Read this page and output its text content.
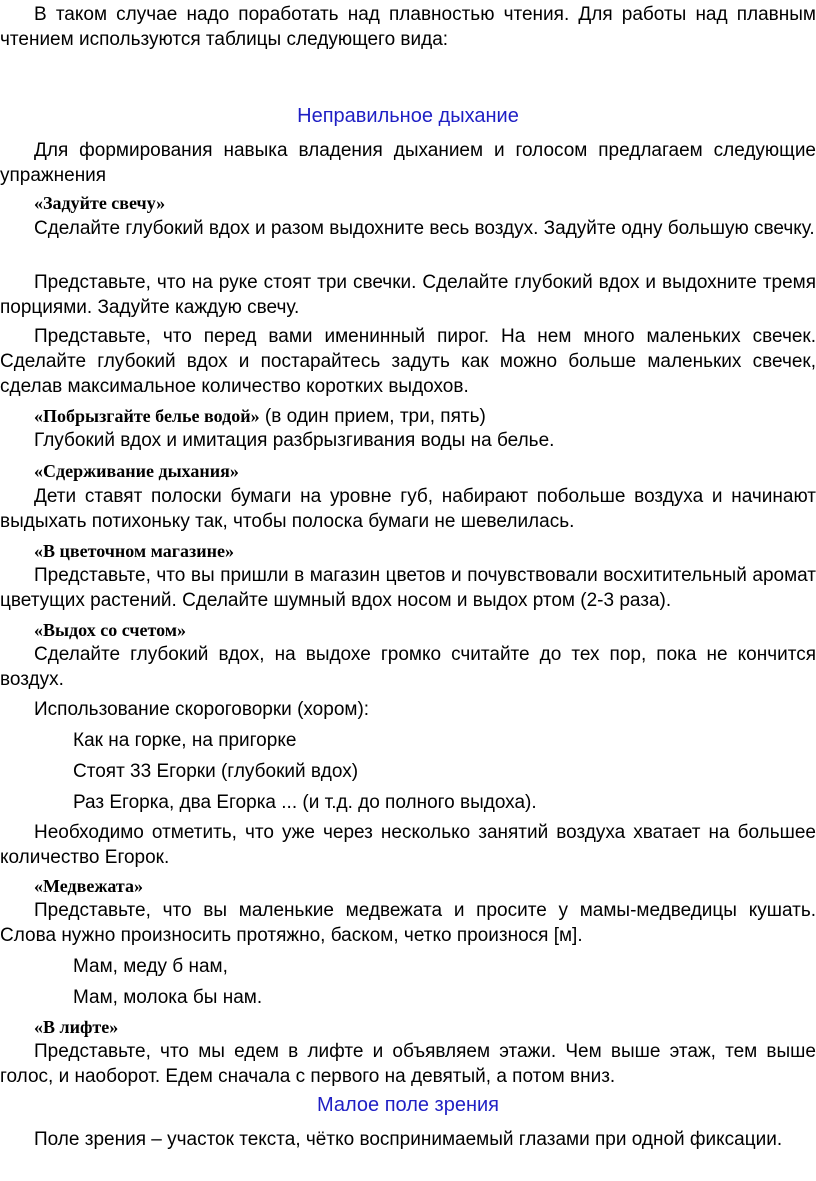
В таком случае надо поработать над плавностью чтения. Для работы над плавным чтением используются таблицы следующего вида:

Неправильное дыхание

Для формирования навыка владения дыханием и голосом предлагаем следующие упражнения

«Задуйте свечу»

Сделайте глубокий вдох и разом выдохните весь воздух. Задуйте одну большую свечку.

Представьте, что на руке стоят три свечки. Сделайте глубокий вдох и выдохните тремя порциями. Задуйте каждую свечу.

Представьте, что перед вами именинный пирог. На нем много маленьких свечек. Сделайте глубокий вдох и постарайтесь задуть как можно больше маленьких свечек, сделав максимальное количество коротких выдохов.

«Побрызгайте белье водой» (в один прием, три, пять)

Глубокий вдох и имитация разбрызгивания воды на белье.

«Сдерживание дыхания»

Дети ставят полоски бумаги на уровне губ, набирают побольше воздуха и начинают выдыхать потихоньку так, чтобы полоска бумаги не шевелилась.

«В цветочном магазине»

Представьте, что вы пришли в магазин цветов и почувствовали восхитительный аромат цветущих растений. Сделайте шумный вдох носом и выдох ртом (2-3 раза).

«Выдох со счетом»

Сделайте глубокий вдох, на выдохе громко считайте до тех пор, пока не кончится воздух.

Использование скороговорки (хором):

Как на горке, на пригорке
Стоят 33 Егорки (глубокий вдох)
Раз Егорка, два Егорка ... (и т.д. до полного выдоха).

Необходимо отметить, что уже через несколько занятий воздуха хватает на большее количество Егорок.

«Медвежата»

Представьте, что вы маленькие медвежата и просите у мамы-медведицы кушать. Слова нужно произносить протяжно, баском, четко произнося [м].

Мам, меду б нам,
Мам, молока бы нам.
«В лифте»

Представьте, что мы едем в лифте и объявляем этажи. Чем выше этаж, тем выше голос, и наоборот. Едем сначала с первого на девятый, а потом вниз.

Малое поле зрения

Поле зрения – участок текста, чётко воспринимаемый глазами при одной фиксации.
